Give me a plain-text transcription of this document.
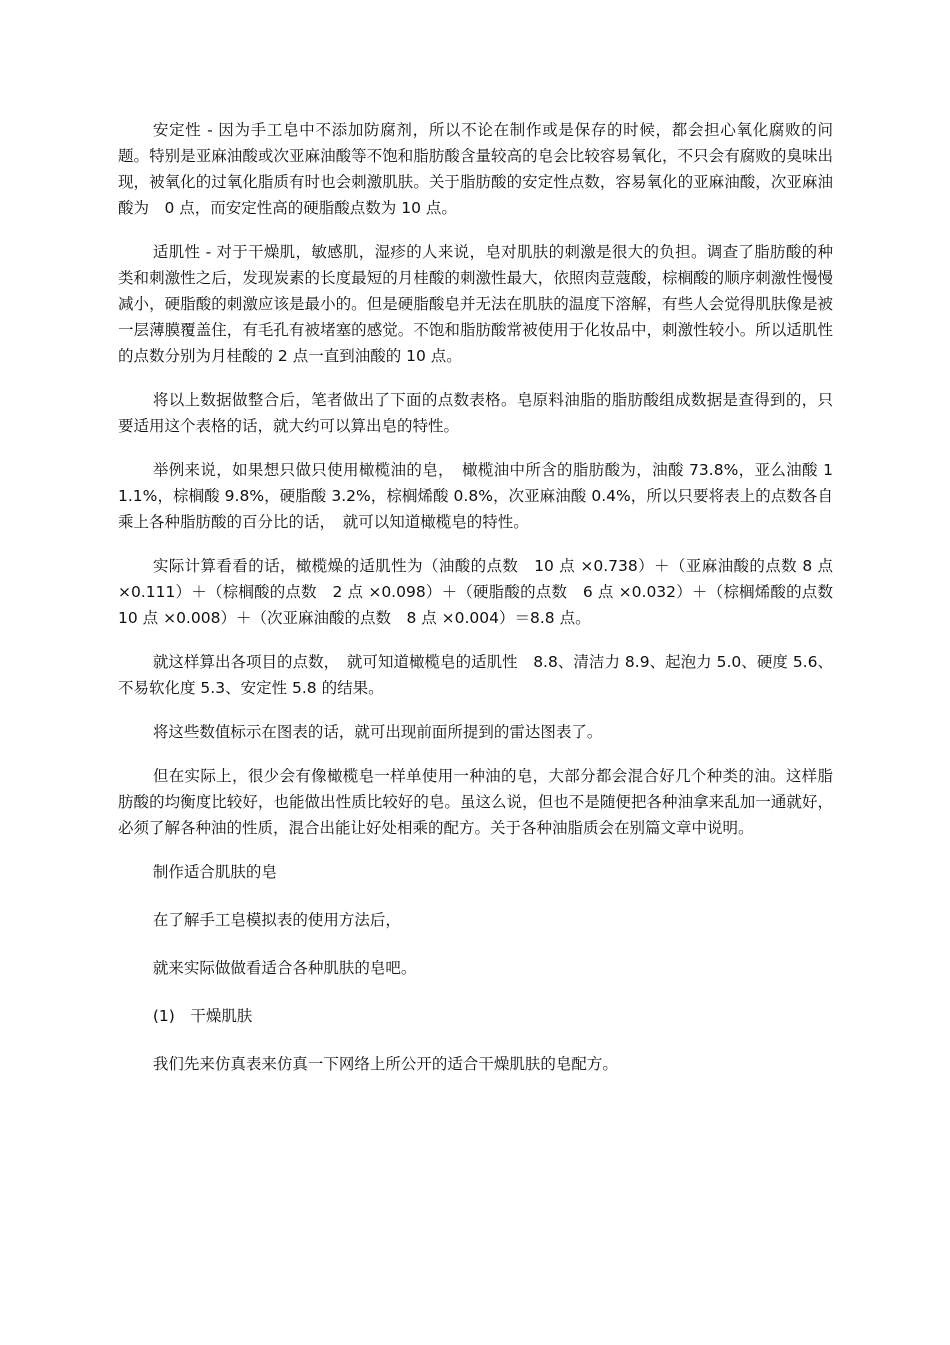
安定性 - 因为手工皂中不添加防腐剂，所以不论在制作或是保存的时候，都会担心氧化腐败的问题。特别是亚麻油酸或次亚麻油酸等不饱和脂肪酸含量较高的皂会比较容易氧化，不只会有腐败的臭味出现，被氧化的过氧化脂质有时也会刺激肌肤。关于脂肪酸的安定性点数，容易氧化的亚麻油酸，次亚麻油酸为　0 点，而安定性高的硬脂酸点数为 10 点。

适肌性 - 对于干燥肌，敏感肌，湿疹的人来说，皂对肌肤的刺激是很大的负担。调查了脂肪酸的种类和刺激性之后，发现炭素的长度最短的月桂酸的刺激性最大，依照肉荳蔻酸，棕榈酸的顺序刺激性慢慢减小，硬脂酸的刺激应该是最小的。但是硬脂酸皂并无法在肌肤的温度下溶解，有些人会觉得肌肤像是被一层薄膜覆盖住，有毛孔有被堵塞的感觉。不饱和脂肪酸常被使用于化妆品中，刺激性较小。所以适肌性的点数分别为月桂酸的 2 点一直到油酸的 10 点。

将以上数据做整合后，笔者做出了下面的点数表格。皂原料油脂的脂肪酸组成数据是查得到的，只要适用这个表格的话，就大约可以算出皂的特性。

举例来说，如果想只做只使用橄榄油的皂，　橄榄油中所含的脂肪酸为，油酸 73.8%，亚么油酸 11.1%，棕榈酸 9.8%，硬脂酸 3.2%，棕榈烯酸 0.8%，次亚麻油酸 0.4%，所以只要将表上的点数各自乘上各种脂肪酸的百分比的话，　就可以知道橄榄皂的特性。

实际计算看看的话，橄榄燥的适肌性为（油酸的点数　10 点 ×0.738）＋（亚麻油酸的点数 8 点 ×0.111）＋（棕榈酸的点数　2 点 ×0.098）＋（硬脂酸的点数　6 点 ×0.032）＋（棕榈烯酸的点数　10 点 ×0.008）＋（次亚麻油酸的点数　8 点 ×0.004）＝8.8 点。

就这样算出各项目的点数，　就可知道橄榄皂的适肌性　8.8、清洁力 8.9、起泡力 5.0、硬度 5.6、不易软化度 5.3、安定性 5.8 的结果。

将这些数值标示在图表的话，就可出现前面所提到的雷达图表了。

但在实际上，很少会有像橄榄皂一样单使用一种油的皂，大部分都会混合好几个种类的油。这样脂肪酸的均衡度比较好，也能做出性质比较好的皂。虽这么说，但也不是随便把各种油拿来乱加一通就好，必须了解各种油的性质，混合出能让好处相乘的配方。关于各种油脂质会在别篇文章中说明。

制作适合肌肤的皂

在了解手工皂模拟表的使用方法后，

就来实际做做看适合各种肌肤的皂吧。

(1)　干燥肌肤

我们先来仿真表来仿真一下网络上所公开的适合干燥肌肤的皂配方。
